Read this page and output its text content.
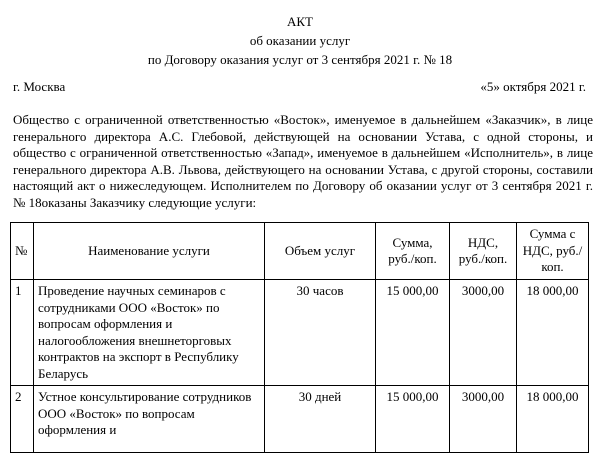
АКТ
об оказании услуг
по Договору оказания услуг от 3 сентября 2021 г. № 18
г. Москва	«5» октября 2021 г.

Общество с ограниченной ответственностью «Восток», именуемое в дальнейшем «Заказчик», в лице генерального директора А.С. Глебовой, действующей на основании Устава, с одной стороны, и общество с ограниченной ответственностью «Запад», именуемое в дальнейшем «Исполнитель», в лице генерального директора А.В. Львова, действующего на основании Устава, с другой стороны, составили настоящий акт о нижеследующем. Исполнителем по Договору об оказании услуг от 3 сентября 2021 г. № 18оказаны Заказчику следующие услуги:

№	Наименование услуги	Объем услуг	Сумма, руб./коп.	НДС, руб./коп.	Сумма с НДС, руб./коп.
1	Проведение научных семинаров с сотрудниками ООО «Восток» по вопросам оформления и налогообложения внешнеторговых контрактов на экспорт в Республику Беларусь	30 часов	15 000,00	3000,00	18 000,00
2	Устное консультирование сотрудников ООО «Восток» по вопросам оформления и	30 дней	15 000,00	3000,00	18 000,00
